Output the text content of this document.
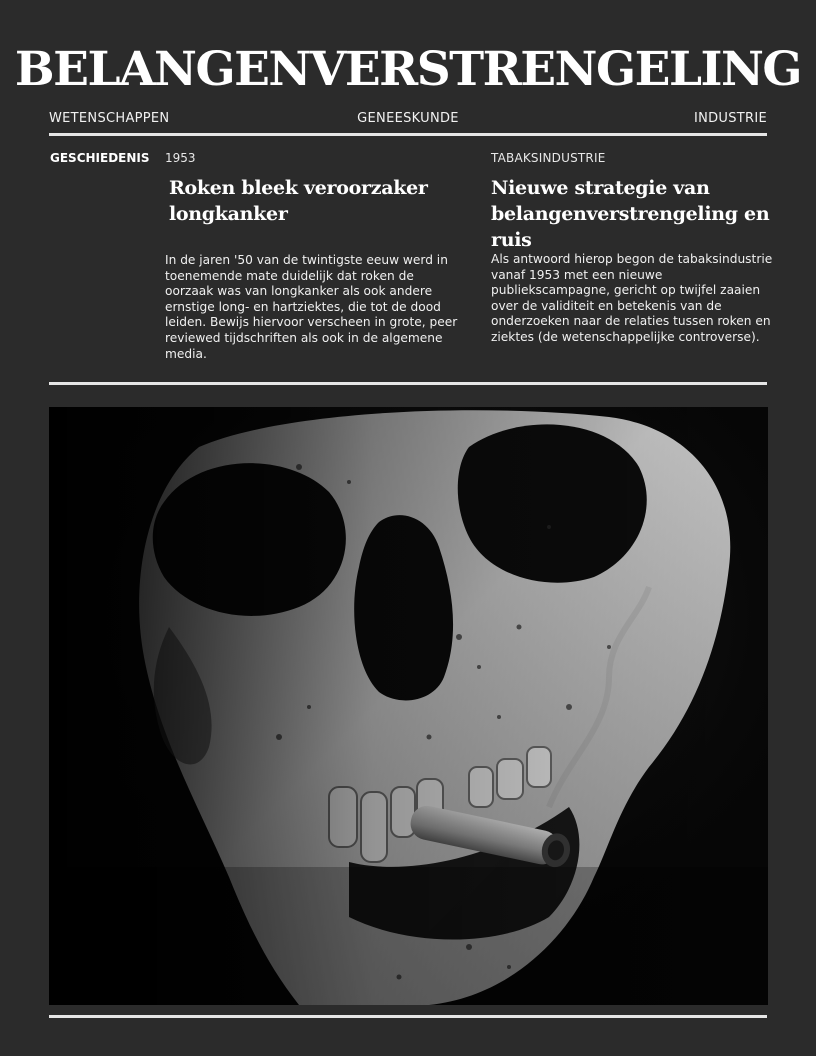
BELANGENVERSTRENGELING
WETENSCHAPPEN	GENEESKUNDE	INDUSTRIE
GESCHIEDENIS 1953	TABAKSINDUSTRIE
Roken bleek veroorzaker longkanker
Nieuwe strategie van belangenverstrengeling en ruis
In de jaren '50 van de twintigste eeuw werd in toenemende mate duidelijk dat roken de oorzaak was van longkanker als ook andere ernstige long- en hartziektes, die tot de dood leiden. Bewijs hiervoor verscheen in grote, peer reviewed tijdschriften als ook in de algemene media.
Als antwoord hierop begon de tabaksindustrie vanaf 1953 met een nieuwe publiekscampagne, gericht op twijfel zaaien over de validiteit en betekenis van de onderzoeken naar de relaties tussen roken en ziektes (de wetenschappelijke controverse).
